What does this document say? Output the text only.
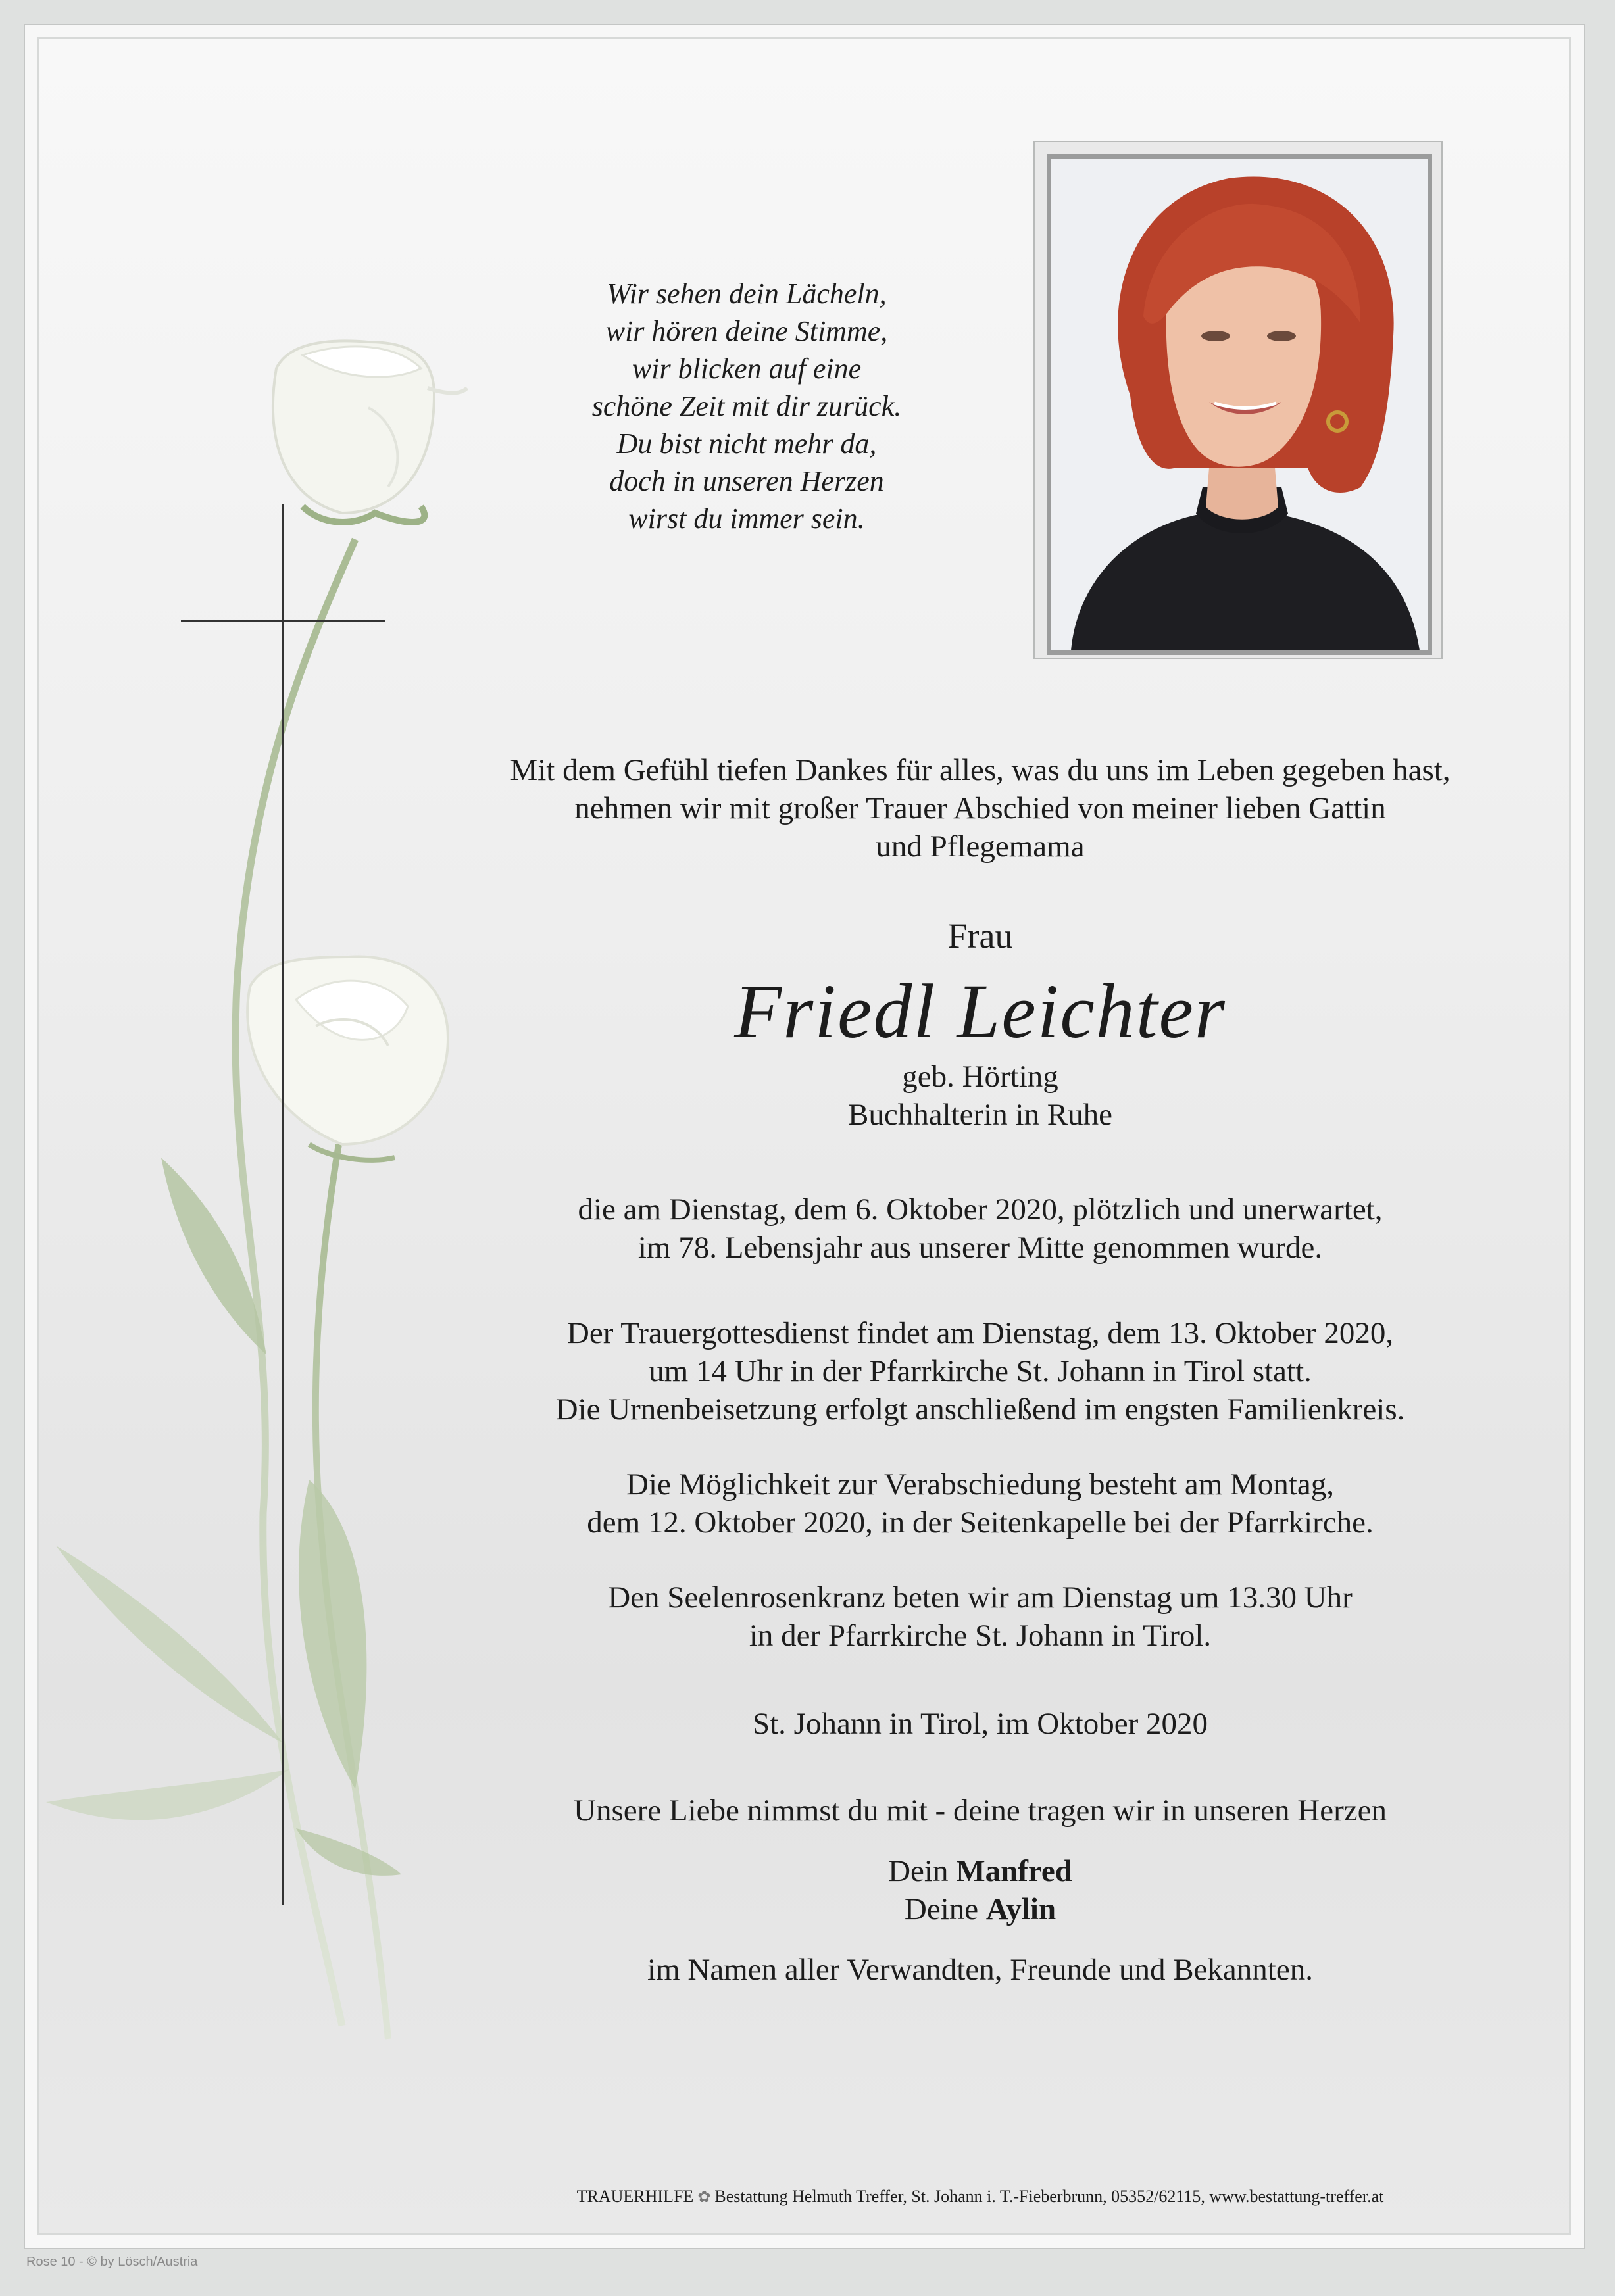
Wir sehen dein Lächeln,
wir hören deine Stimme,
wir blicken auf eine
schöne Zeit mit dir zurück.
Du bist nicht mehr da,
doch in unseren Herzen
wirst du immer sein.
Mit dem Gefühl tiefen Dankes für alles, was du uns im Leben gegeben hast,
nehmen wir mit großer Trauer Abschied von meiner lieben Gattin
und Pflegemama
Frau
Friedl Leichter
geb. Hörting
Buchhalterin in Ruhe
die am Dienstag, dem 6. Oktober 2020, plötzlich und unerwartet,
im 78. Lebensjahr aus unserer Mitte genommen wurde.
Der Trauergottesdienst findet am Dienstag, dem 13. Oktober 2020,
um 14 Uhr in der Pfarrkirche St. Johann in Tirol statt.
Die Urnenbeisetzung erfolgt anschließend im engsten Familienkreis.
Die Möglichkeit zur Verabschiedung besteht am Montag,
dem 12. Oktober 2020, in der Seitenkapelle bei der Pfarrkirche.
Den Seelenrosenkranz beten wir am Dienstag um 13.30 Uhr
in der Pfarrkirche St. Johann in Tirol.
St. Johann in Tirol, im Oktober 2020
Unsere Liebe nimmst du mit - deine tragen wir in unseren Herzen
Dein Manfred
Deine Aylin
im Namen aller Verwandten, Freunde und Bekannten.
TRAUERHILFE ✿ Bestattung Helmuth Treffer, St. Johann i. T.-Fieberbrunn, 05352/62115, www.bestattung-treffer.at
Rose 10 - © by Lösch/Austria
